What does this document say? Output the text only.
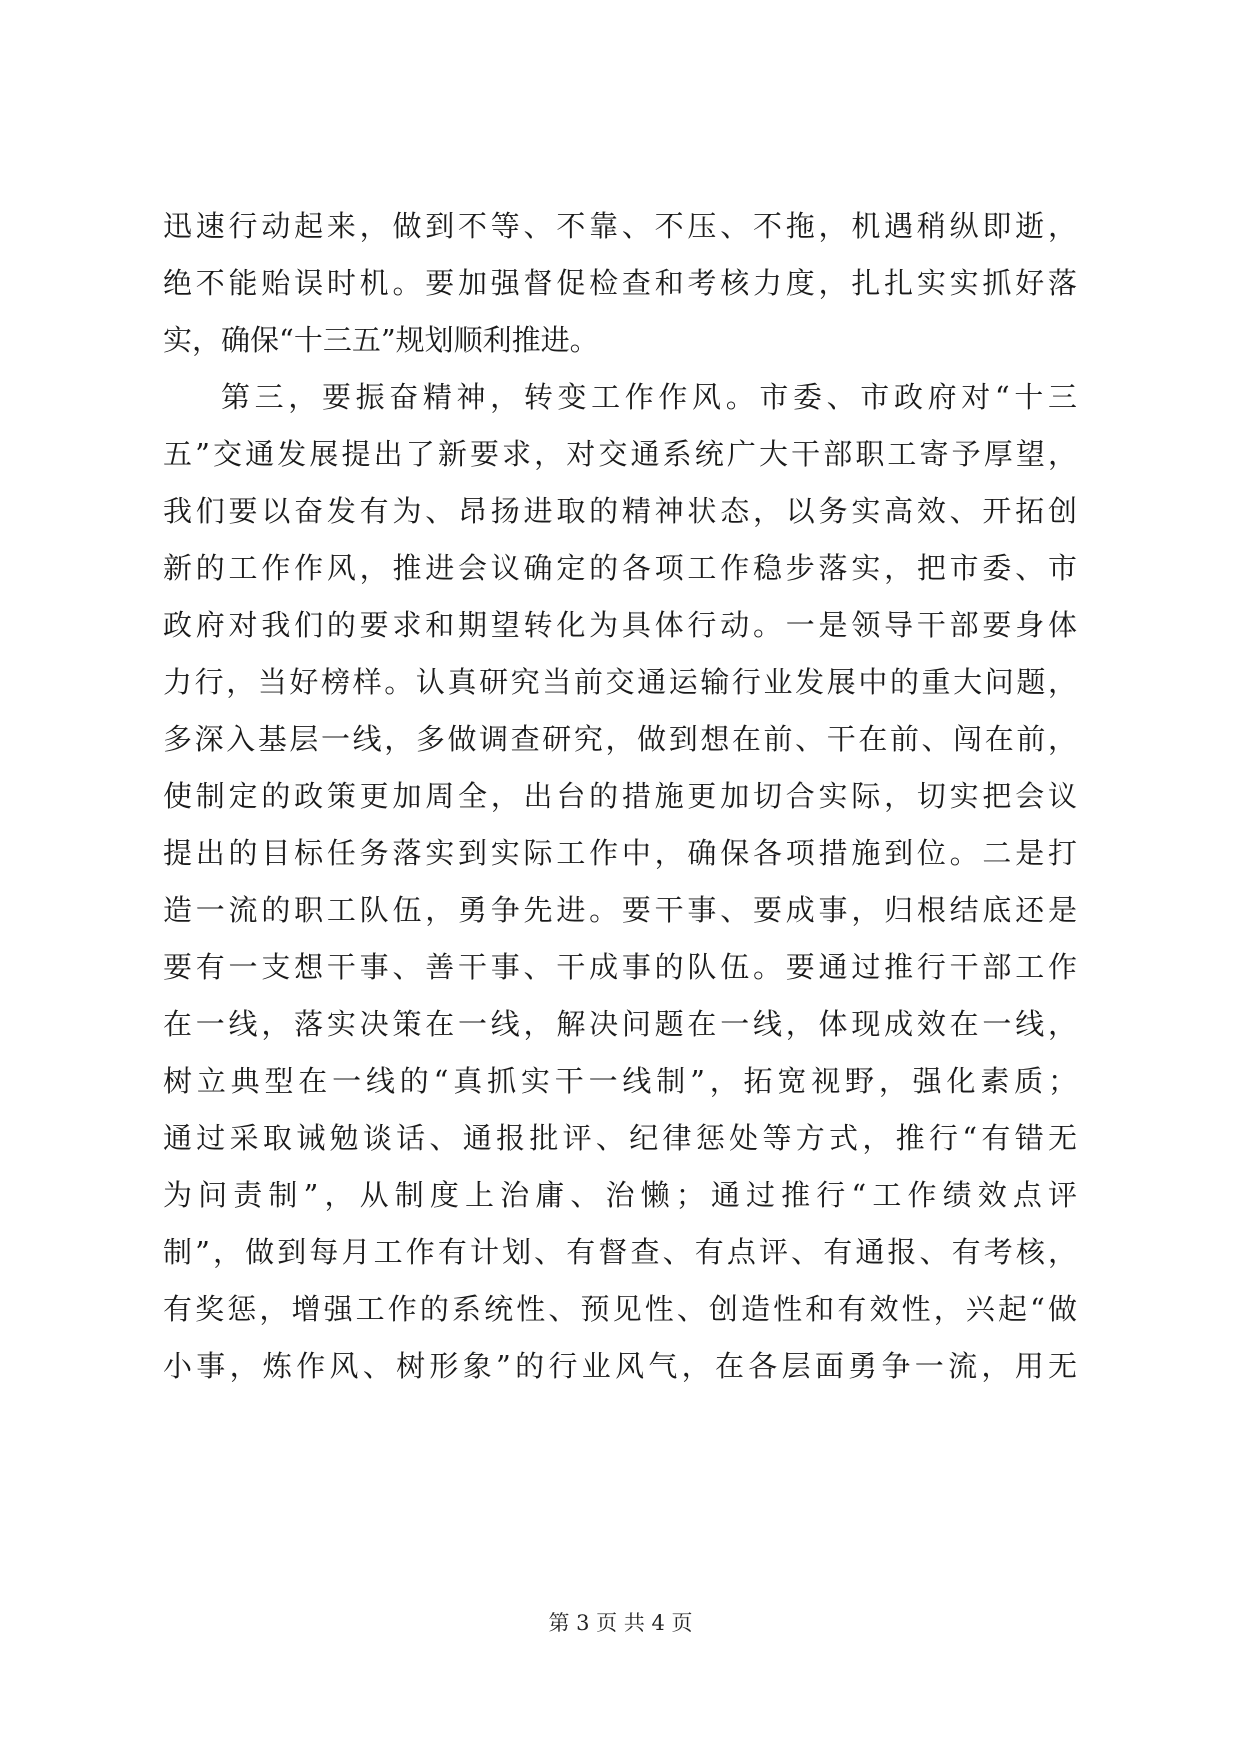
迅速行动起来，做到不等、不靠、不压、不拖，机遇稍纵即逝，
绝不能贻误时机。要加强督促检查和考核力度，扎扎实实抓好落
实，确保“十三五”规划顺利推进。
第三，要振奋精神，转变工作作风。市委、市政府对“十三
五”交通发展提出了新要求，对交通系统广大干部职工寄予厚望，
我们要以奋发有为、昂扬进取的精神状态，以务实高效、开拓创
新的工作作风，推进会议确定的各项工作稳步落实，把市委、市
政府对我们的要求和期望转化为具体行动。一是领导干部要身体
力行，当好榜样。认真研究当前交通运输行业发展中的重大问题，
多深入基层一线，多做调查研究，做到想在前、干在前、闯在前，
使制定的政策更加周全，出台的措施更加切合实际，切实把会议
提出的目标任务落实到实际工作中，确保各项措施到位。二是打
造一流的职工队伍，勇争先进。要干事、要成事，归根结底还是
要有一支想干事、善干事、干成事的队伍。要通过推行干部工作
在一线，落实决策在一线，解决问题在一线，体现成效在一线，
树立典型在一线的“真抓实干一线制”，拓宽视野，强化素质；
通过采取诫勉谈话、通报批评、纪律惩处等方式，推行“有错无
为问责制”，从制度上治庸、治懒；通过推行“工作绩效点评
制”，做到每月工作有计划、有督查、有点评、有通报、有考核，
有奖惩，增强工作的系统性、预见性、创造性和有效性，兴起“做
小事，炼作风、树形象”的行业风气，在各层面勇争一流，用无
第 3 页 共 4 页
